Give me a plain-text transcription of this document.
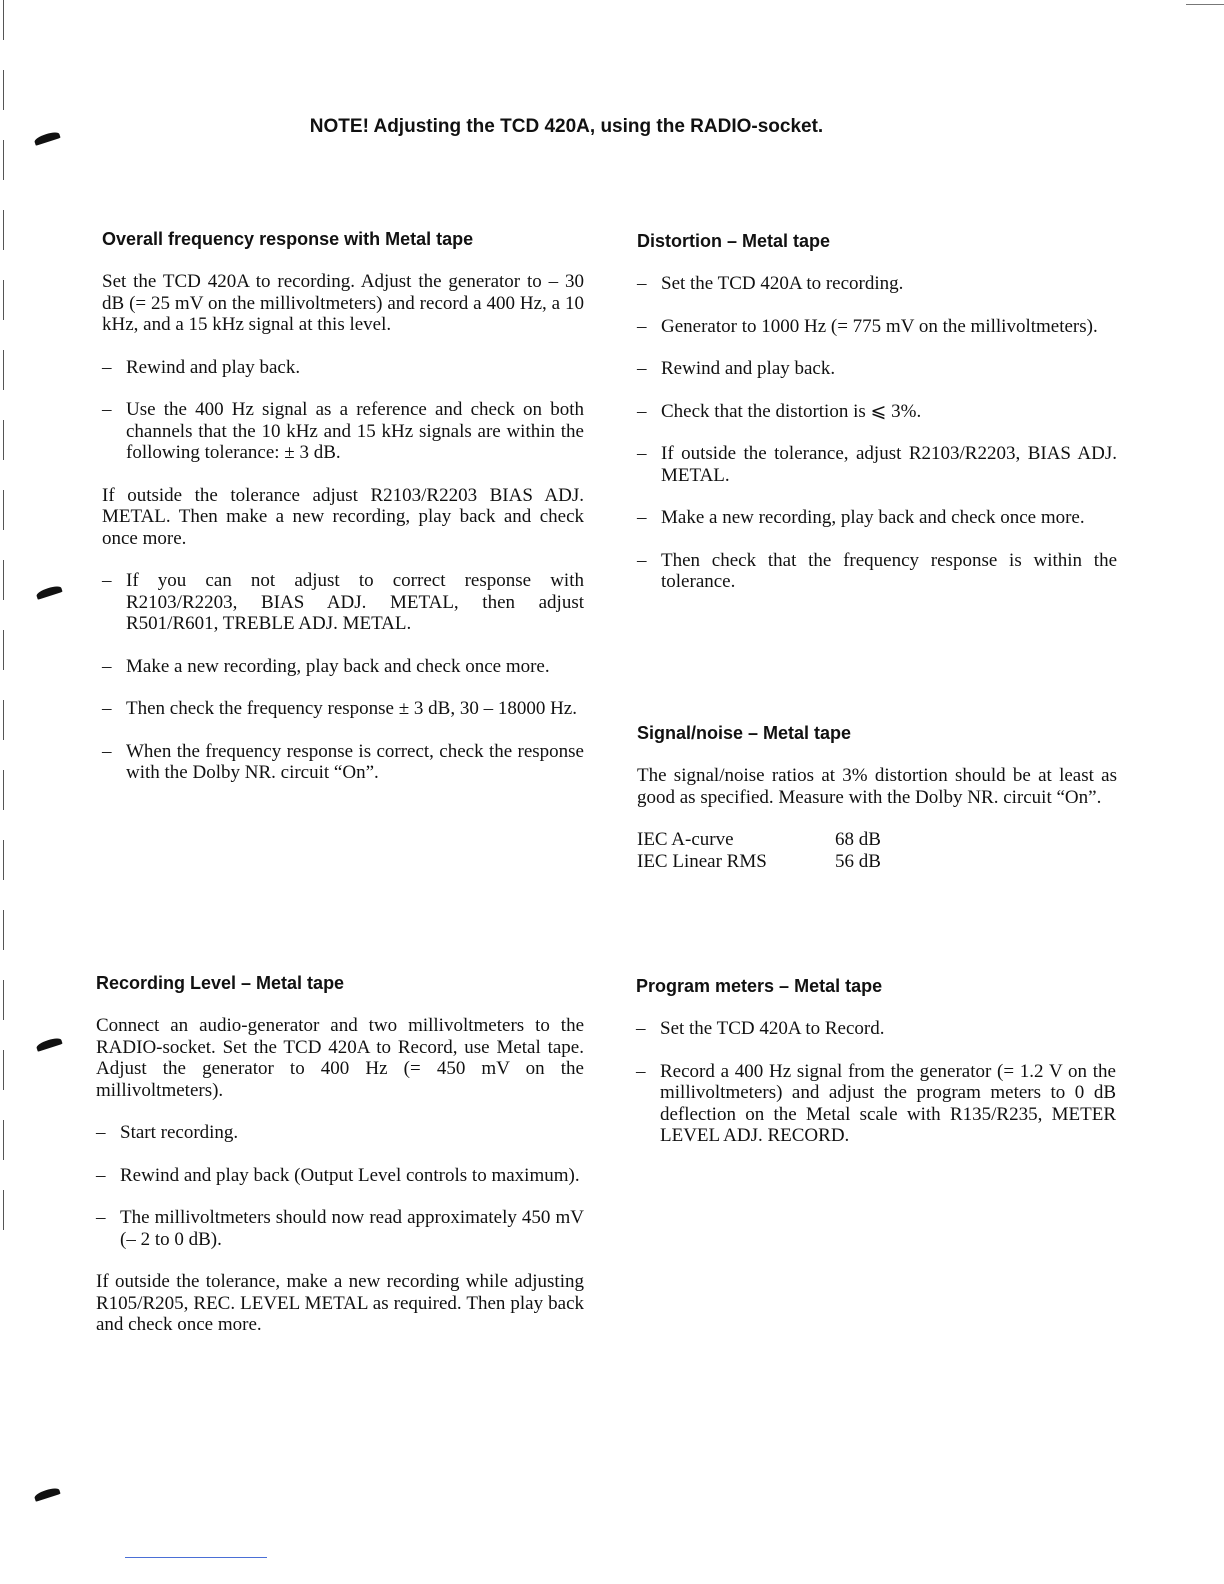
NOTE! Adjusting the TCD 420A, using the RADIO-socket.
Overall frequency response with Metal tape
Set the TCD 420A to recording. Adjust the generator to – 30 dB (= 25 mV on the millivoltmeters) and record a 400 Hz, a 10 kHz, and a 15 kHz signal at this level.
– Rewind and play back.
– Use the 400 Hz signal as a reference and check on both channels that the 10 kHz and 15 kHz signals are within the following tolerance: ± 3 dB.
If outside the tolerance adjust R2103/R2203 BIAS ADJ. METAL. Then make a new recording, play back and check once more.
– If you can not adjust to correct response with R2103/R2203, BIAS ADJ. METAL, then adjust R501/R601, TREBLE ADJ. METAL.
– Make a new recording, play back and check once more.
– Then check the frequency response ± 3 dB, 30 – 18000 Hz.
– When the frequency response is correct, check the response with the Dolby NR. circuit “On”.
Recording Level – Metal tape
Connect an audio-generator and two millivoltmeters to the RADIO-socket. Set the TCD 420A to Record, use Metal tape. Adjust the generator to 400 Hz (= 450 mV on the millivoltmeters).
– Start recording.
– Rewind and play back (Output Level controls to maximum).
– The millivoltmeters should now read approximately 450 mV (– 2 to 0 dB).
If outside the tolerance, make a new recording while adjusting R105/R205, REC. LEVEL METAL as required. Then play back and check once more.
Distortion – Metal tape
– Set the TCD 420A to recording.
– Generator to 1000 Hz (= 775 mV on the millivoltmeters).
– Rewind and play back.
– Check that the distortion is ⩽ 3%.
– If outside the tolerance, adjust R2103/R2203, BIAS ADJ. METAL.
– Make a new recording, play back and check once more.
– Then check that the frequency response is within the tolerance.
Signal/noise – Metal tape
The signal/noise ratios at 3% distortion should be at least as good as specified. Measure with the Dolby NR. circuit “On”.
IEC A-curve	68 dB
IEC Linear RMS	56 dB
Program meters – Metal tape
– Set the TCD 420A to Record.
– Record a 400 Hz signal from the generator (= 1.2 V on the millivoltmeters) and adjust the program meters to 0 dB deflection on the Metal scale with R135/R235, METER LEVEL ADJ. RECORD.
